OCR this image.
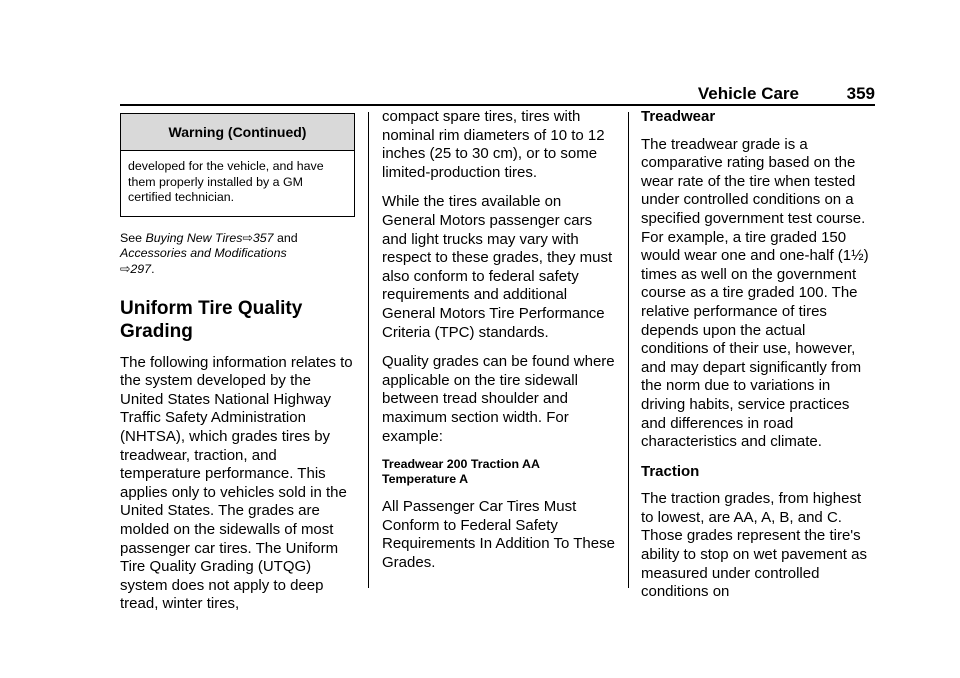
Vehicle Care	359
Warning (Continued)
developed for the vehicle, and have them properly installed by a GM certified technician.
See Buying New Tires⇨357 and Accessories and Modifications
⇨297.
Uniform Tire Quality Grading

The following information relates to the system developed by the United States National Highway Traffic Safety Administration (NHTSA), which grades tires by treadwear, traction, and temperature performance. This applies only to vehicles sold in the United States. The grades are molded on the sidewalls of most passenger car tires. The Uniform Tire Quality Grading (UTQG) system does not apply to deep tread, winter tires,

compact spare tires, tires with nominal rim diameters of 10 to 12 inches (25 to 30 cm), or to some limited-production tires.

While the tires available on General Motors passenger cars and light trucks may vary with respect to these grades, they must also conform to federal safety requirements and additional General Motors Tire Performance Criteria (TPC) standards.

Quality grades can be found where applicable on the tire sidewall between tread shoulder and maximum section width. For example:

Treadwear 200 Traction AA Temperature A

All Passenger Car Tires Must Conform to Federal Safety Requirements In Addition To These Grades.

Treadwear

The treadwear grade is a comparative rating based on the wear rate of the tire when tested under controlled conditions on a specified government test course. For example, a tire graded 150 would wear one and one-half (1½) times as well on the government course as a tire graded 100. The relative performance of tires depends upon the actual conditions of their use, however, and may depart significantly from the norm due to variations in driving habits, service practices and differences in road characteristics and climate.

Traction

The traction grades, from highest to lowest, are AA, A, B, and C. Those grades represent the tire's ability to stop on wet pavement as measured under controlled conditions on
